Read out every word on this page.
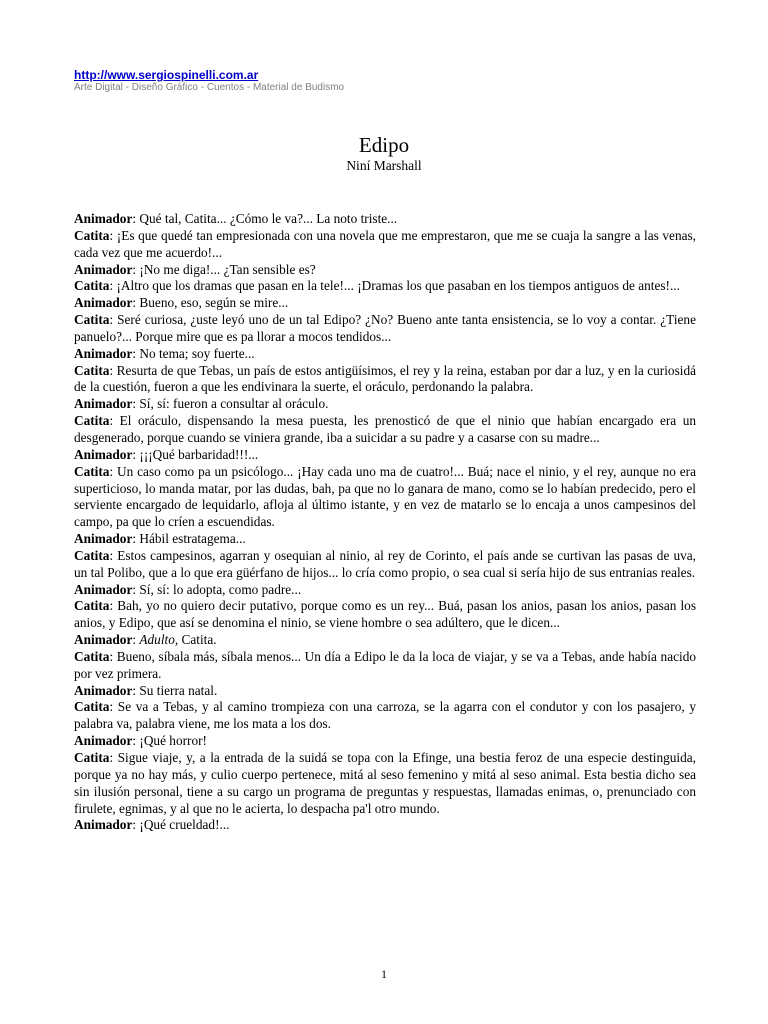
http://www.sergiospinelli.com.ar
Arte Digital - Diseño Gráfico - Cuentos - Material de Budismo
Edipo
Niní Marshall

Animador: Qué tal, Catita... ¿Cómo le va?... La noto triste...

Catita: ¡Es que quedé tan empresionada con una novela que me emprestaron, que me se cuaja la sangre a las venas, cada vez que me acuerdo!...

Animador: ¡No me diga!... ¿Tan sensible es?

Catita: ¡Altro que los dramas que pasan en la tele!... ¡Dramas los que pasaban en los tiempos antiguos de antes!...

Animador: Bueno, eso, según se mire...

Catita: Seré curiosa, ¿uste leyó uno de un tal Edipo? ¿No? Bueno ante tanta ensistencia, se lo voy a contar. ¿Tiene panuelo?... Porque mire que es pa llorar a mocos tendidos...

Animador: No tema; soy fuerte...

Catita: Resurta de que Tebas, un país de estos antigüísimos, el rey y la reina, estaban por dar a luz, y en la curiosidá de la cuestión, fueron a que les endivinara la suerte, el oráculo, perdonando la palabra.

Animador: Sí, sí: fueron a consultar al oráculo.

Catita: El oráculo, dispensando la mesa puesta, les prenosticó de que el ninio que habían encargado era un desgenerado, porque cuando se viniera grande, iba a suicidar a su padre y a casarse con su madre...

Animador: ¡¡¡Qué barbaridad!!!...

Catita: Un caso como pa un psicólogo... ¡Hay cada uno ma de cuatro!... Buá; nace el ninio, y el rey, aunque no era superticioso, lo manda matar, por las dudas, bah, pa que no lo ganara de mano, como se lo habían predecido, pero el serviente encargado de lequidarlo, afloja al último istante, y en vez de matarlo se lo encaja a unos campesinos del campo, pa que lo críen a escuendidas.

Animador: Hábil estratagema...

Catita: Estos campesinos, agarran y osequian al ninio, al rey de Corinto, el país ande se curtivan las pasas de uva, un tal Polibo, que a lo que era güérfano de hijos... lo cría como propio, o sea cual si sería hijo de sus entranias reales.

Animador: Sí, sí: lo adopta, como padre...

Catita: Bah, yo no quiero decir putativo, porque como es un rey... Buá, pasan los anios, pasan los anios, pasan los anios, y Edipo, que así se denomina el ninio, se viene hombre o sea adúltero, que le dicen...

Animador: Adulto, Catita.

Catita: Bueno, síbala más, síbala menos... Un día a Edipo le da la loca de viajar, y se va a Tebas, ande había nacido por vez primera.

Animador: Su tierra natal.

Catita: Se va a Tebas, y al camino trompieza con una carroza, se la agarra con el condutor y con los pasajero, y palabra va, palabra viene, me los mata a los dos.

Animador: ¡Qué horror!

Catita: Sigue viaje, y, a la entrada de la suidá se topa con la Efinge, una bestia feroz de una especie destinguida, porque ya no hay más, y culio cuerpo pertenece, mitá al seso femenino y mitá al seso animal. Esta bestia dicho sea sin ilusión personal, tiene a su cargo un programa de preguntas y respuestas, llamadas enimas, o, prenunciado con firulete, egnimas, y al que no le acierta, lo despacha pa'l otro mundo.

Animador: ¡Qué crueldad!...

1
